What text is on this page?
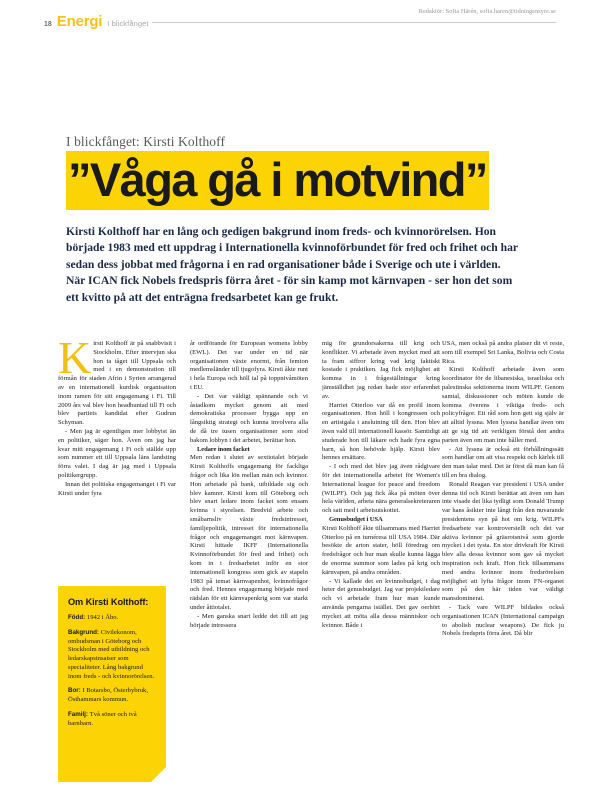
18 Energi I blickfånget
Redaktör: Sofia Härén, sofia.haren@tidningensyre.se
I blickfånget: Kirsti Kolthoff
”Våga gå i motvind”
Kirsti Kolthoff har en lång och gedigen bakgrund inom freds- och kvinnorörelsen. Hon började 1983 med ett uppdrag i Internationella kvinnoförbundet för fred och frihet och har sedan dess jobbat med frågorna i en rad organisationer både i Sverige och ute i världen. När ICAN fick Nobels fredspris förra året - för sin kamp mot kärnvapen - ser hon det som ett kvitto på att det enträgna fredsarbetet kan ge frukt.

Kirsti Kolthoff är på snabbvisit i Stockholm. Efter intervjun ska hon ta tåget till Uppsala och med i en demonstration till förmån för staden Afrin i Syrien arrangerad av en internationell kurdisk organisation inom ramen för sitt engagemang i Fi. Till 2009 års val blev hon headhuntad till Fi och blev partiets kandidat efter Gudrun Schyman.

- Men jag är egentligen mer lobbyist än en politiker, säger hon. Även om jag har kvar mitt engagemang i Fi och ställde upp som nummer ett till Uppsala läns landsting förra valet. I dag är jag med i Uppsala politikergrupp.

Innan det politiska engagemanget i Fi var Kirsti under fyra

år ordförande för European womens lobby (EWL). Det var under en tid när organisationen växte enormt, från femton medlemsländer till tjugofyra. Kirsti åkte runt i hela Europa och höll tal på toppnivåmöten i EU.

- Det var väldigt spännande och vi åstadkom mycket genom att med demokratiska processer bygga upp en långsiktig strategi och kunna involvera alla de då tre tusen organisationer som stod bakom lobbyn i det arbetet, berättar hon.

Ledare inom facket

Men redan i slutet av sextiotalet började Kirsti Kolthoffs engagemang för fackliga frågor och lika lön mellan män och kvinnor. Hon arbetade på bank, utbildade sig och blev kamrer. Kirsti kom till Göteborg och blev snart ledare inom facket som ensam kvinna i styrelsen. Bredvid arbete och småbarnsliv växte fredsintresset, familjepolitik, intresset för internationella frågor och engagemanget mot kärnvapen. Kirsti hittade IKFF (Internationella Kvinnoförbundet för fred and frihet) och kom in i fredsarbetet inför en stor internationell kongress som gick av stapeln 1983 på temat kärnvapenhot, kvinnofrågor och fred. Hennes engagemang började med rädslan för ett kärnvapenkrig som var starkt under åttiotalet.

- Men ganska snart ledde det till att jag började intressera

mig för grundorsakerna till krig och konflikter. Vi arbetade även mycket med att ta fram siffror kring vad krig faktiskt kostade i praktiken. Jag fick möjlighet att komma in i frågeställningar kring jämställdhet jag redan hade stor erfarenhet av.

Harriet Otterloo var då en profil inom organisationen. Hon höll i kongressen och en artistgala i anslutning till den. Hon blev även vald till internationell kassör. Samtidigt studerade hon till läkare och hade fyra egna barn, så hon behövde hjälp. Kirsti blev hennes ersättare.

- I och med det blev jag även rådgivare för det internationella arbetet för Women's International league for peace and freedom (WILPF). Och jag fick åka på möten över hela världen, arbeta nära generalsekreteraren och satt med i arbetsutskottet.

Genusbudget i USA

Kirsti Kolthoff åkte tillsammans med Harriet Otterloo på en turnéresa till USA 1984. Där besökte de arton stater, höll föredrag om fredsfrågor och hur man skulle kunna lägga de enorma summor som lades på krig och kärnvapen, på andra områden.

- Vi kallade det en kvinnobudget, i dag heter det genusbudget. Jag var projektledare och vi arbetade fram hur man kunde använda pengarna istället. Det gav oerhört mycket att möta alla dessa människor och kvinnor. Både i

USA, men också på andra platser dit vi reste, som till exempel Sri Lanka, Bolivia och Costa Rica.

Kirsti Kolthoff arbetade även som koordinator för de libanesiska, israeliska och palestinska sektionerna inom WILPF. Genom samtal, diskussioner och möten kunde de komma överens i viktiga freds- och policyfrågor. Ett råd som hon gett sig själv är att alltid lyssna. Men lyssna handlar även om att ge sig tid att verkligen förstå den andra parten även om man inte håller med.

- Att lyssna är också ett förhållningssätt som handlar om att visa respekt och kärlek till den man talar med. Det är först då man kan få till en bra dialog.

Ronald Reagan var president i USA under denna tid och Kirsti berättar att även om han inte visade det lika tydligt som Donald Trump var hans åsikter inte långt från den nuvarande presidentens syn på hot om krig. WILPFs fredsarbete var kontroversiellt och det var aktiva kvinnor på gräsrotsnivå som gjorde mycket i det tysta. En stor drivkraft för Kirsti blev alla dessa kvinnor som gav så mycket inspiration och kraft. Hon fick tillsammans med andra kvinnor inom fredsrörelsen möjlighet att lyfta frågor inom FN-organet som på den här tiden var väldigt mansdominerat.

- Tack vare WILPF bildades också organisationen ICAN (International campaign to abolish nuclear weapons). De fick ju Nobels fredspris förra året. Då blir

Om Kirsti Kolthoff:

Född: 1942 i Åbo.

Bakgrund: Civilekonom, ombudsman i Göteborg och Stockholm med utbildning och ledarskapsinsatser som specialiteter. Lång bakgrund inom freds - och kvinnorörelsen.

Bor: I Botarsbo, Österbybruk, Östhammars kommun.

Familj: Två söner och två barnbarn.
